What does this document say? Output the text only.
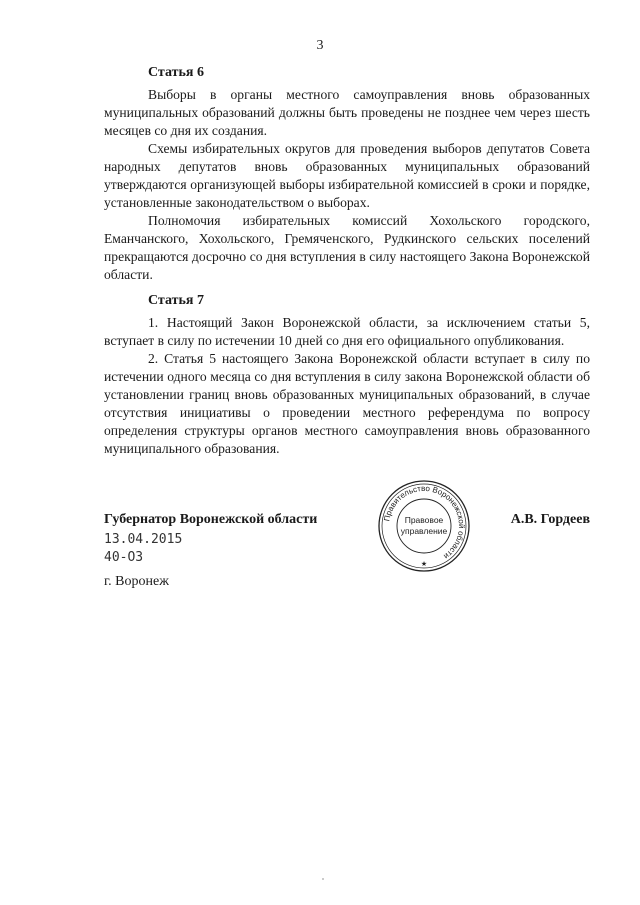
3

Статья 6

Выборы в органы местного самоуправления вновь образованных муниципальных образований должны быть проведены не позднее чем через шесть месяцев со дня их создания.

Схемы избирательных округов для проведения выборов депутатов Совета народных депутатов вновь образованных муниципальных образований утверждаются организующей выборы избирательной комиссией в сроки и порядке, установленные законодательством о выборах.

Полномочия избирательных комиссий Хохольского городского, Еманчанского, Хохольского, Гремяченского, Рудкинского сельских поселений прекращаются досрочно со дня вступления в силу настоящего Закона Воронежской области.

Статья 7

1. Настоящий Закон Воронежской области, за исключением статьи 5, вступает в силу по истечении 10 дней со дня его официального опубликования.

2. Статья 5 настоящего Закона Воронежской области вступает в силу по истечении одного месяца со дня вступления в силу закона Воронежской области об установлении границ вновь образованных муниципальных образований, в случае отсутствия инициативы о проведении местного референдума по вопросу определения структуры органов местного самоуправления вновь образованного муниципального образования.

Губернатор Воронежской области	А.В. Гордеев
13.04.2015
40-ОЗ
г. Воронеж
Правительство Воронежской области
Правовое
управление
★
